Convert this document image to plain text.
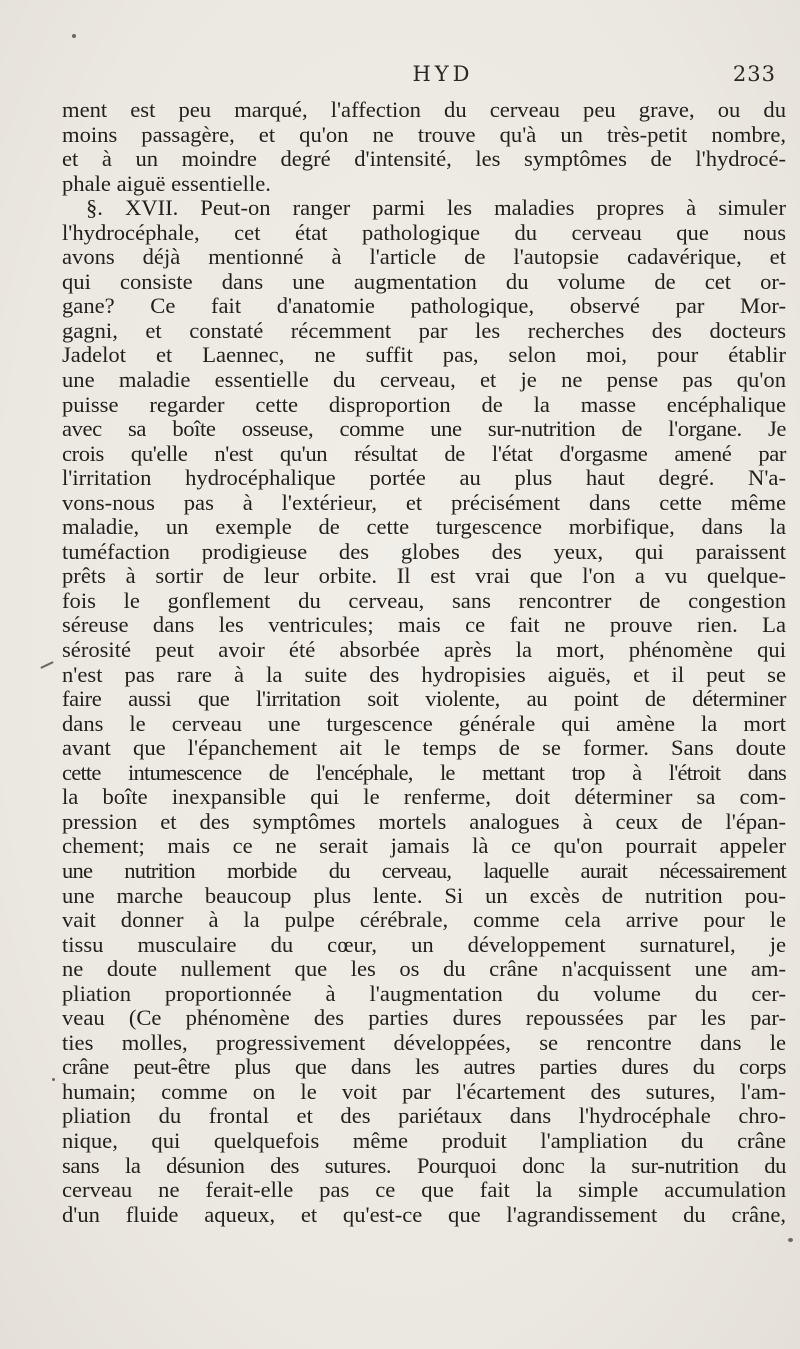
HYD	233
ment est peu marqué, l'affection du cerveau peu grave, ou du
moins passagère, et qu'on ne trouve qu'à un très-petit nombre,
et à un moindre degré d'intensité, les symptômes de l'hydrocé-
phale aiguë essentielle.
§. XVII. Peut-on ranger parmi les maladies propres à simuler
l'hydrocéphale, cet état pathologique du cerveau que nous
avons déjà mentionné à l'article de l'autopsie cadavérique, et
qui consiste dans une augmentation du volume de cet or-
gane? Ce fait d'anatomie pathologique, observé par Mor-
gagni, et constaté récemment par les recherches des docteurs
Jadelot et Laennec, ne suffit pas, selon moi, pour établir
une maladie essentielle du cerveau, et je ne pense pas qu'on
puisse regarder cette disproportion de la masse encéphalique
avec sa boîte osseuse, comme une sur-nutrition de l'organe. Je
crois qu'elle n'est qu'un résultat de l'état d'orgasme amené par
l'irritation hydrocéphalique portée au plus haut degré. N'a-
vons-nous pas à l'extérieur, et précisément dans cette même
maladie, un exemple de cette turgescence morbifique, dans la
tuméfaction prodigieuse des globes des yeux, qui paraissent
prêts à sortir de leur orbite. Il est vrai que l'on a vu quelque-
fois le gonflement du cerveau, sans rencontrer de congestion
séreuse dans les ventricules; mais ce fait ne prouve rien. La
sérosité peut avoir été absorbée après la mort, phénomène qui
n'est pas rare à la suite des hydropisies aiguës, et il peut se
faire aussi que l'irritation soit violente, au point de déterminer
dans le cerveau une turgescence générale qui amène la mort
avant que l'épanchement ait le temps de se former. Sans doute
cette intumescence de l'encéphale, le mettant trop à l'étroit dans
la boîte inexpansible qui le renferme, doit déterminer sa com-
pression et des symptômes mortels analogues à ceux de l'épan-
chement; mais ce ne serait jamais là ce qu'on pourrait appeler
une nutrition morbide du cerveau, laquelle aurait nécessairement
une marche beaucoup plus lente. Si un excès de nutrition pou-
vait donner à la pulpe cérébrale, comme cela arrive pour le
tissu musculaire du cœur, un développement surnaturel, je
ne doute nullement que les os du crâne n'acquissent une am-
pliation proportionnée à l'augmentation du volume du cer-
veau (Ce phénomène des parties dures repoussées par les par-
ties molles, progressivement développées, se rencontre dans le
crâne peut-être plus que dans les autres parties dures du corps
humain; comme on le voit par l'écartement des sutures, l'am-
pliation du frontal et des pariétaux dans l'hydrocéphale chro-
nique, qui quelquefois même produit l'ampliation du crâne
sans la désunion des sutures. Pourquoi donc la sur-nutrition du
cerveau ne ferait-elle pas ce que fait la simple accumulation
d'un fluide aqueux, et qu'est-ce que l'agrandissement du crâne,
